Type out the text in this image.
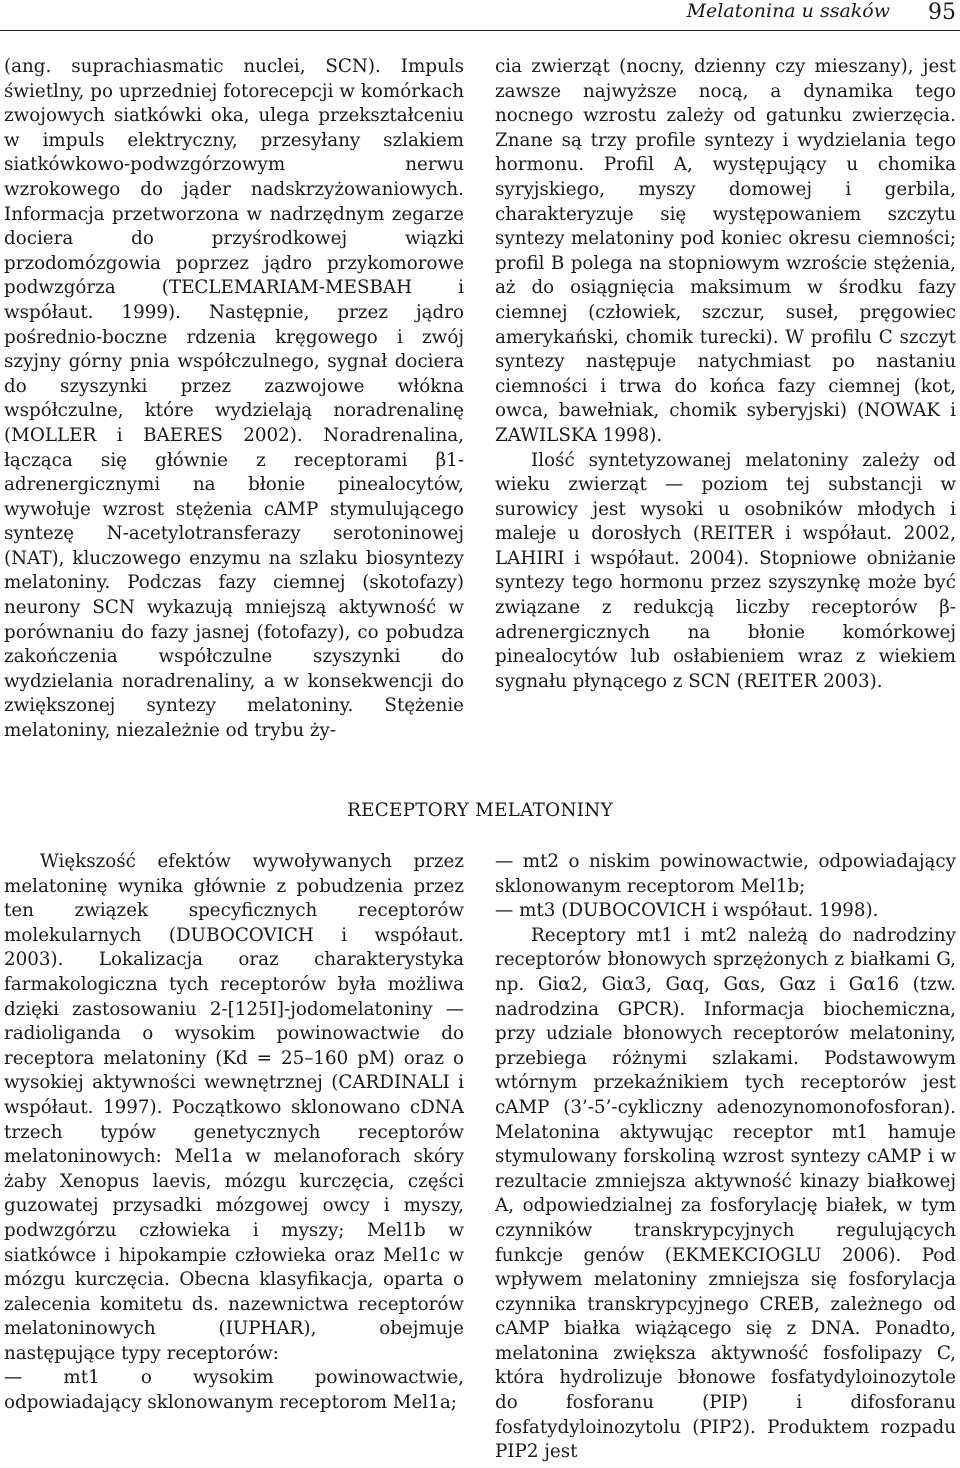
Melatonina u ssaków 95

(ang. suprachiasmatic nuclei, SCN). Impuls świetlny, po uprzedniej fotorecepcji w komórkach zwojowych siatkówki oka, ulega przekształceniu w impuls elektryczny, przesyłany szlakiem siatkówkowo-podwzgórzowym nerwu wzrokowego do jąder nadskrzyżowaniowych. Informacja przetworzona w nadrzędnym zegarze dociera do przyśrodkowej wiązki przodomózgowia poprzez jądro przykomorowe podwzgórza (TECLEMARIAM-MESBAH i współaut. 1999). Następnie, przez jądro pośrednio-boczne rdzenia kręgowego i zwój szyjny górny pnia współczulnego, sygnał dociera do szyszynki przez zazwojowe włókna współczulne, które wydzielają noradrenalinę (MOLLER i BAERES 2002). Noradrenalina, łącząca się głównie z receptorami β1-adrenergicznymi na błonie pinealocytów, wywołuje wzrost stężenia cAMP stymulującego syntezę N-acetylotransferazy serotoninowej (NAT), kluczowego enzymu na szlaku biosyntezy melatoniny. Podczas fazy ciemnej (skotofazy) neurony SCN wykazują mniejszą aktywność w porównaniu do fazy jasnej (fotofazy), co pobudza zakończenia współczulne szyszynki do wydzielania noradrenaliny, a w konsekwencji do zwiększonej syntezy melatoniny. Stężenie melatoniny, niezależnie od trybu ży-

cia zwierząt (nocny, dzienny czy mieszany), jest zawsze najwyższe nocą, a dynamika tego nocnego wzrostu zależy od gatunku zwierzęcia. Znane są trzy profile syntezy i wydzielania tego hormonu. Profil A, występujący u chomika syryjskiego, myszy domowej i gerbila, charakteryzuje się występowaniem szczytu syntezy melatoniny pod koniec okresu ciemności; profil B polega na stopniowym wzroście stężenia, aż do osiągnięcia maksimum w środku fazy ciemnej (człowiek, szczur, suseł, pręgowiec amerykański, chomik turecki). W profilu C szczyt syntezy następuje natychmiast po nastaniu ciemności i trwa do końca fazy ciemnej (kot, owca, bawełniak, chomik syberyjski) (NOWAK i ZAWILSKA 1998).

Ilość syntetyzowanej melatoniny zależy od wieku zwierząt — poziom tej substancji w surowicy jest wysoki u osobników młodych i maleje u dorosłych (REITER i współaut. 2002, LAHIRI i współaut. 2004). Stopniowe obniżanie syntezy tego hormonu przez szyszynkę może być związane z redukcją liczby receptorów β-adrenergicznych na błonie komórkowej pinealocytów lub osłabieniem wraz z wiekiem sygnału płynącego z SCN (REITER 2003).

RECEPTORY MELATONINY

Większość efektów wywoływanych przez melatoninę wynika głównie z pobudzenia przez ten związek specyficznych receptorów molekularnych (DUBOCOVICH i współaut. 2003). Lokalizacja oraz charakterystyka farmakologiczna tych receptorów była możliwa dzięki zastosowaniu 2-[125I]-jodomelatoniny — radioliganda o wysokim powinowactwie do receptora melatoniny (Kd = 25–160 pM) oraz o wysokiej aktywności wewnętrznej (CARDINALI i współaut. 1997). Początkowo sklonowano cDNA trzech typów genetycznych receptorów melatoninowych: Mel1a w melanoforach skóry żaby Xenopus laevis, mózgu kurczęcia, części guzowatej przysadki mózgowej owcy i myszy, podwzgórzu człowieka i myszy; Mel1b w siatkówce i hipokampie człowieka oraz Mel1c w mózgu kurczęcia. Obecna klasyfikacja, oparta o zalecenia komitetu ds. nazewnictwa receptorów melatoninowych (IUPHAR), obejmuje następujące typy receptorów:

— mt1 o wysokim powinowactwie, odpowiadający sklonowanym receptorom Mel1a;

— mt2 o niskim powinowactwie, odpowiadający sklonowanym receptorom Mel1b;

— mt3 (DUBOCOVICH i współaut. 1998).

Receptory mt1 i mt2 należą do nadrodziny receptorów błonowych sprzężonych z białkami G, np. Giα2, Giα3, Gαq, Gαs, Gαz i Gα16 (tzw. nadrodzina GPCR). Informacja biochemiczna, przy udziale błonowych receptorów melatoniny, przebiega różnymi szlakami. Podstawowym wtórnym przekaźnikiem tych receptorów jest cAMP (3’-5’-cykliczny adenozynomonofosforan). Melatonina aktywując receptor mt1 hamuje stymulowany forskoliną wzrost syntezy cAMP i w rezultacie zmniejsza aktywność kinazy białkowej A, odpowiedzialnej za fosforylację białek, w tym czynników transkrypcyjnych regulujących funkcje genów (EKMEKCIOGLU 2006). Pod wpływem melatoniny zmniejsza się fosforylacja czynnika transkrypcyjnego CREB, zależnego od cAMP białka wiążącego się z DNA. Ponadto, melatonina zwiększa aktywność fosfolipazy C, która hydrolizuje błonowe fosfatydyloinozytole do fosforanu (PIP) i difosforanu fosfatydyloinozytolu (PIP2). Produktem rozpadu PIP2 jest
